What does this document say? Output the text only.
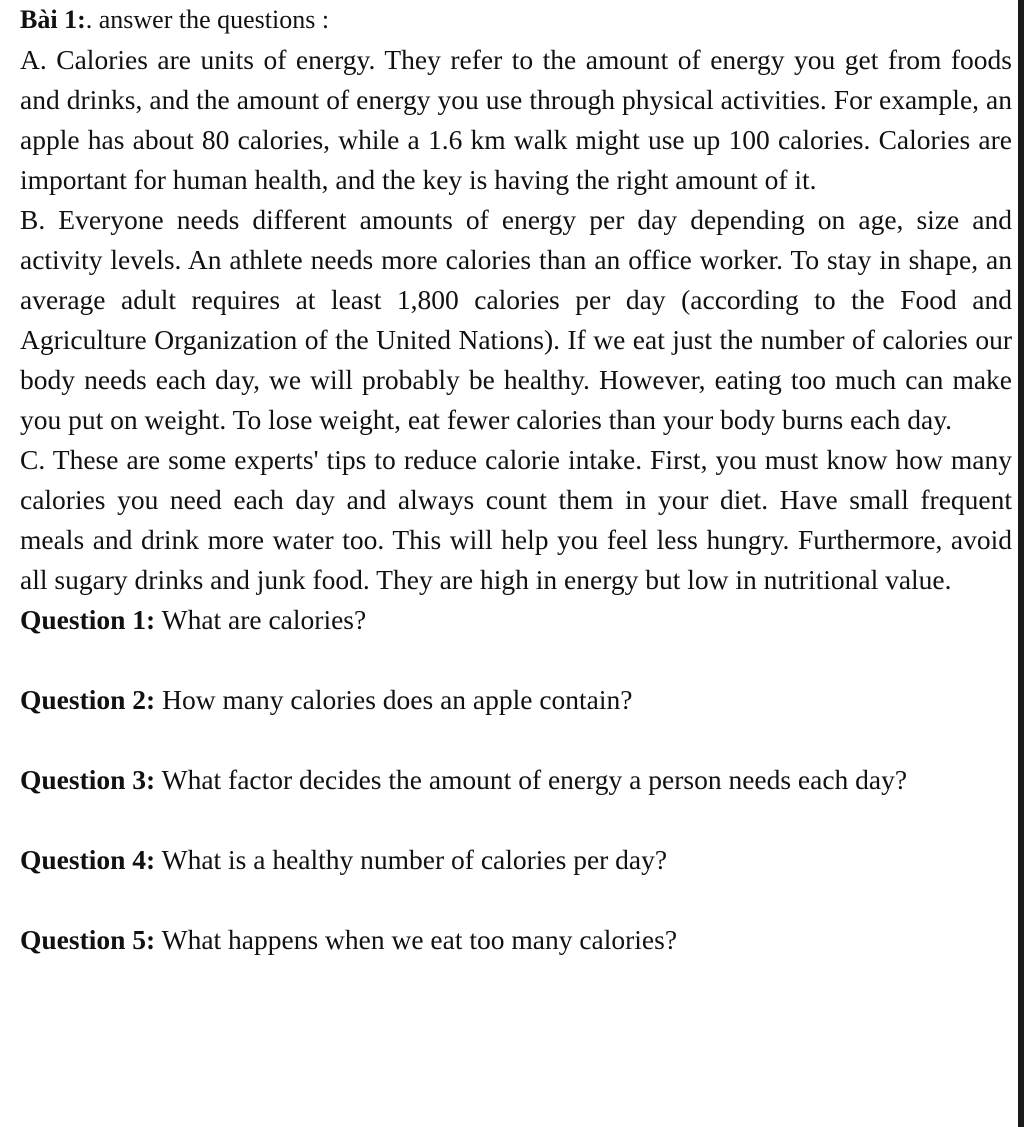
Bài 1:. answer the questions :

A. Calories are units of energy. They refer to the amount of energy you get from foods and drinks, and the amount of energy you use through physical activities. For example, an apple has about 80 calories, while a 1.6 km walk might use up 100 calories. Calories are important for human health, and the key is having the right amount of it.

B. Everyone needs different amounts of energy per day depending on age, size and activity levels. An athlete needs more calories than an office worker. To stay in shape, an average adult requires at least 1,800 calories per day (according to the Food and Agriculture Organization of the United Nations). If we eat just the number of calories our body needs each day, we will probably be healthy. However, eating too much can make you put on weight. To lose weight, eat fewer calories than your body burns each day.

C. These are some experts' tips to reduce calorie intake. First, you must know how many calories you need each day and always count them in your diet. Have small frequent meals and drink more water too. This will help you feel less hungry. Furthermore, avoid all sugary drinks and junk food. They are high in energy but low in nutritional value.

Question 1: What are calories?

Question 2: How many calories does an apple contain?

Question 3: What factor decides the amount of energy a person needs each day?

Question 4: What is a healthy number of calories per day?

Question 5: What happens when we eat too many calories?
